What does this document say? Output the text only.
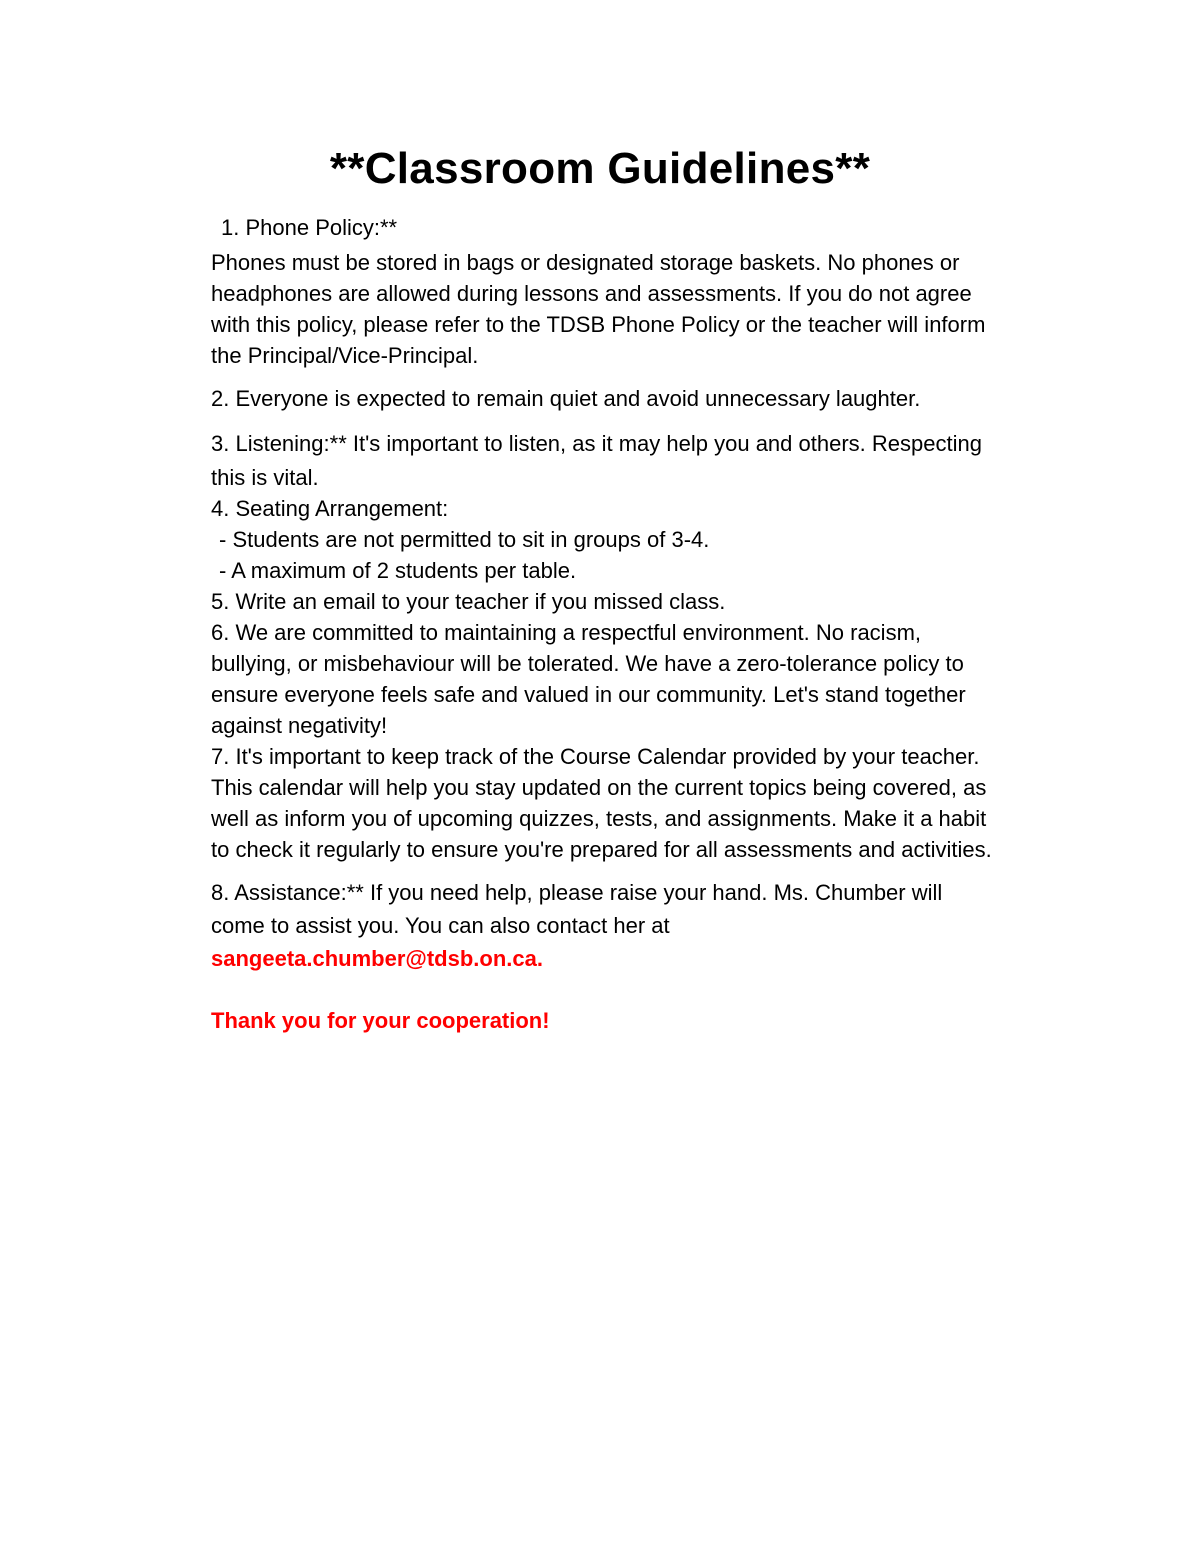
**Classroom Guidelines**

1. Phone Policy:**

Phones must be stored in bags or designated storage baskets. No phones or

headphones are allowed during lessons and assessments. If you do not agree

with this policy, please refer to the TDSB Phone Policy or the teacher will inform

the Principal/Vice-Principal.

2. Everyone is expected to remain quiet and avoid unnecessary laughter.

3. Listening:** It's important to listen, as it may help you and others. Respecting

this is vital.

4. Seating Arrangement:

- Students are not permitted to sit in groups of 3-4.

- A maximum of 2 students per table.

5. Write an email to your teacher if you missed class.

6. We are committed to maintaining a respectful environment. No racism,

bullying, or misbehaviour will be tolerated. We have a zero-tolerance policy to

ensure everyone feels safe and valued in our community. Let's stand together

against negativity!

7. It's important to keep track of the Course Calendar provided by your teacher.

This calendar will help you stay updated on the current topics being covered, as

well as inform you of upcoming quizzes, tests, and assignments. Make it a habit

to check it regularly to ensure you're prepared for all assessments and activities.

8. Assistance:** If you need help, please raise your hand. Ms. Chumber will

come to assist you. You can also contact her at

sangeeta.chumber@tdsb.on.ca.

Thank you for your cooperation!
